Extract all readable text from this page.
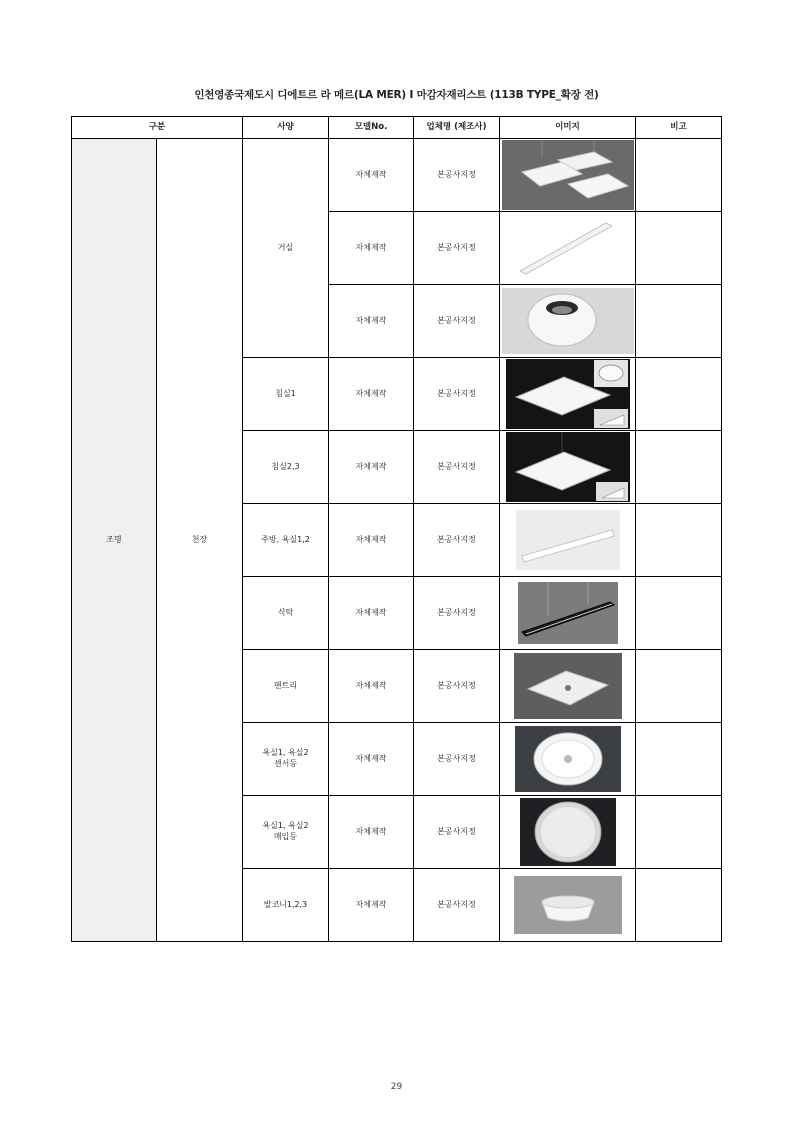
인천영종국제도시 디에트르 라 메르(LA MER) I 마감자재리스트 (113B TYPE_확장 전)
구분		사양	모델No.	업체명 (제조사)	이미지	비고
조명	천장	거실	자체제작	본공사지정	

			자체제작	본공사지정	

			자체제작	본공사지정	

		침실1	자체제작	본공사지정	

		침실2,3	자체제작	본공사지정	

		주방, 욕실1,2	자체제작	본공사지정	

		식탁	자체제작	본공사지정	

		팬트리	자체제작	본공사지정	

		욕실1, 욕실2
센서등	자체제작	본공사지정	

		욕실1, 욕실2
매입등	자체제작	본공사지정	

		발코니1,2,3	자체제작	본공사지정	

29
